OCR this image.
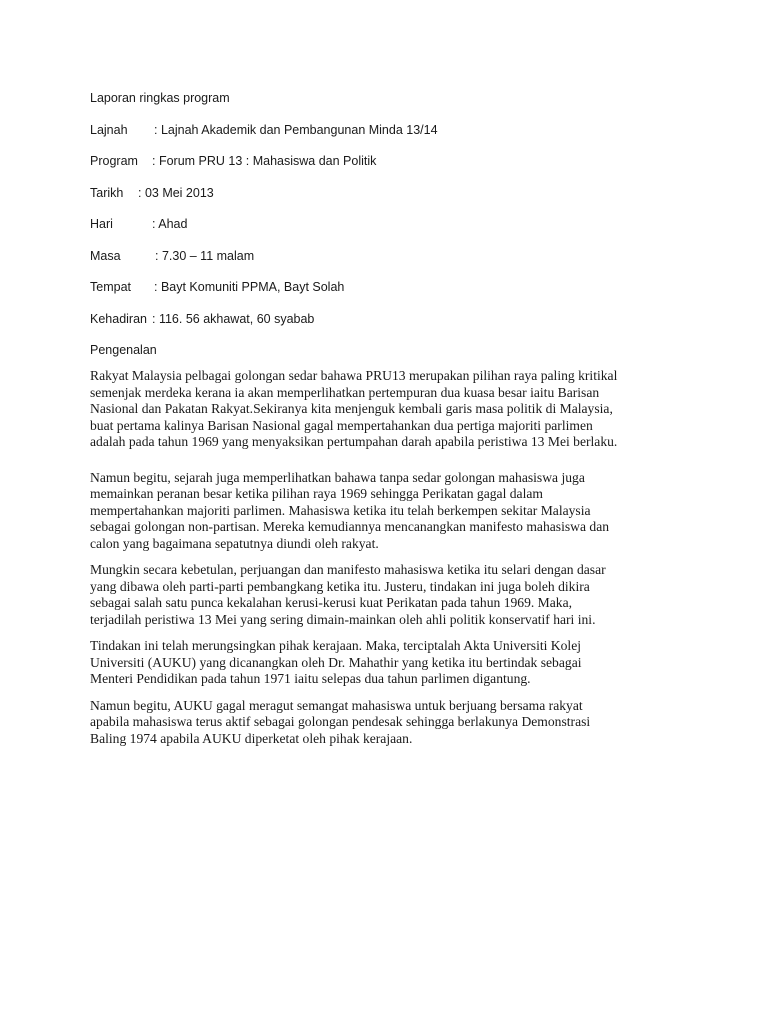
Laporan ringkas program
Lajnah : Lajnah Akademik dan Pembangunan Minda 13/14
Program : Forum PRU 13 : Mahasiswa dan Politik
Tarikh : 03 Mei 2013
Hari	: Ahad
Masa	: 7.30 – 11 malam
Tempat : Bayt Komuniti PPMA, Bayt Solah
Kehadiran : 116. 56 akhawat, 60 syabab
Pengenalan
Rakyat Malaysia pelbagai golongan sedar bahawa PRU13 merupakan pilihan raya paling kritikal
semenjak merdeka kerana ia akan memperlihatkan pertempuran dua kuasa besar iaitu Barisan
Nasional dan Pakatan Rakyat.Sekiranya kita menjenguk kembali garis masa politik di Malaysia,
buat pertama kalinya Barisan Nasional gagal mempertahankan dua pertiga majoriti parlimen
adalah pada tahun 1969 yang menyaksikan pertumpahan darah apabila peristiwa 13 Mei berlaku.
Namun begitu, sejarah juga memperlihatkan bahawa tanpa sedar golongan mahasiswa juga
memainkan peranan besar ketika pilihan raya 1969 sehingga Perikatan gagal dalam
mempertahankan majoriti parlimen. Mahasiswa ketika itu telah berkempen sekitar Malaysia
sebagai golongan non-partisan. Mereka kemudiannya mencanangkan manifesto mahasiswa dan
calon yang bagaimana sepatutnya diundi oleh rakyat.
Mungkin secara kebetulan, perjuangan dan manifesto mahasiswa ketika itu selari dengan dasar
yang dibawa oleh parti-parti pembangkang ketika itu. Justeru, tindakan ini juga boleh dikira
sebagai salah satu punca kekalahan kerusi-kerusi kuat Perikatan pada tahun 1969. Maka,
terjadilah peristiwa 13 Mei yang sering dimain-mainkan oleh ahli politik konservatif hari ini.
Tindakan ini telah merungsingkan pihak kerajaan. Maka, terciptalah Akta Universiti Kolej
Universiti (AUKU) yang dicanangkan oleh Dr. Mahathir yang ketika itu bertindak sebagai
Menteri Pendidikan pada tahun 1971 iaitu selepas dua tahun parlimen digantung.
Namun begitu, AUKU gagal meragut semangat mahasiswa untuk berjuang bersama rakyat
apabila mahasiswa terus aktif sebagai golongan pendesak sehingga berlakunya Demonstrasi
Baling 1974 apabila AUKU diperketat oleh pihak kerajaan.
